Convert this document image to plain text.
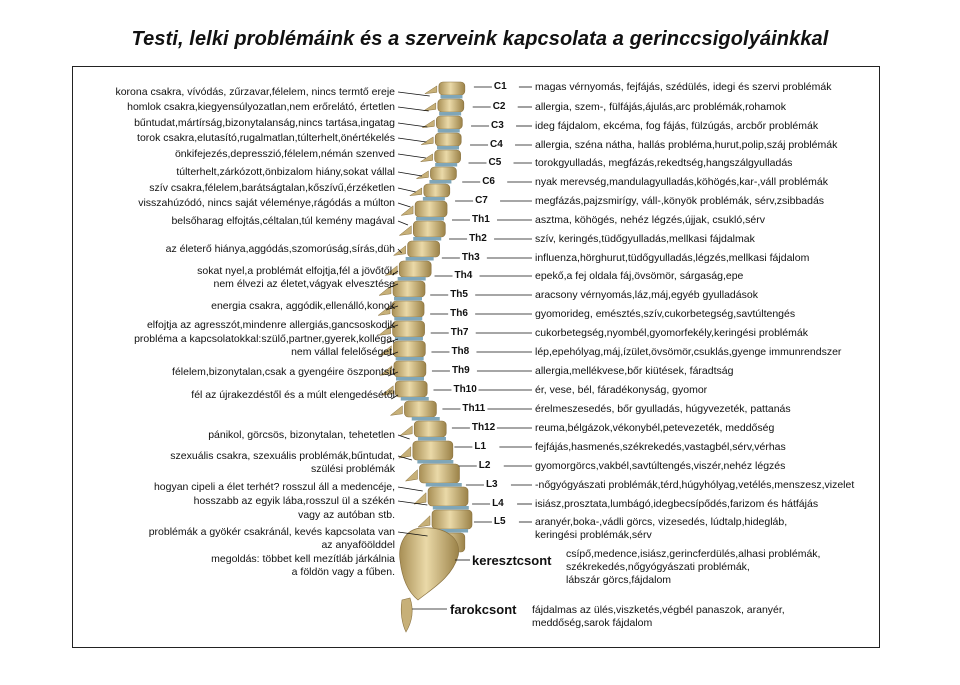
Testi, lelki problémáink és a szerveink kapcsolata a gerinccsigolyáinkkal
korona csakra, vívódás, zűrzavar,félelem, nincs termtő ereje
homlok csakra,kiegyensúlyozatlan,nem erőrelátó, értetlen
bűntudat,mártírság,bizonytalanság,nincs tartása,ingatag
torok csakra,elutasító,rugalmatlan,túlterhelt,önértékelés
önkifejezés,depresszió,félelem,némán szenved
túlterhelt,zárkózott,önbizalom hiány,sokat vállal
szív csakra,félelem,barátságtalan,kőszívű,érzéketlen
visszahúzódó, nincs saját véleménye,rágódás a múlton
belsőharag elfojtás,céltalan,túl kemény magával
az életerő hiánya,aggódás,szomorúság,sírás,düh
sokat nyel,a problémát elfojtja,fél a jövőtől,
nem élvezi az életet,vágyak elvesztése
energia csakra, aggódik,ellenálló,konok
elfojtja az agresszót,mindenre allergiás,gancsoskodik
probléma a kapcsolatokkal:szülő,partner,gyerek,kolléga,
nem vállal felelőséget.
félelem,bizonytalan,csak a gyengéire öszpontsít
fél az újrakezdéstől és a múlt elengedésétől
pánikol, görcsös, bizonytalan, tehetetlen
szexuális csakra, szexuális problémák,bűntudat,
szülési problémák
hogyan cipeli a élet terhét? rosszul áll a medencéje,
hosszabb az egyik lába,rosszul ül a székén
vagy az autóban stb.
problémák a gyökér csakránál, kevés kapcsolata van
az anyaföölddel
megoldás: többet kell mezítláb járkálnia
a földön vagy a fűben.
C1	magas vérnyomás, fejfájás, szédülés, idegi és szervi problémák
C2	allergia, szem-, fülfájás,ájulás,arc problémák,rohamok
C3	ideg fájdalom, ekcéma, fog fájás, fülzúgás, arcbőr problémák
C4	allergia, széna nátha, hallás probléma,hurut,polip,száj problémák
C5	torokgyulladás, megfázás,rekedtség,hangszálgyulladás
C6	nyak merevség,mandulagyulladás,köhögés,kar-,váll problémák
C7	megfázás,pajzsmirígy, váll-,könyök problémák, sérv,zsibbadás
Th1	asztma, köhögés, nehéz légzés,újjak, csukló,sérv
Th2	szív, keringés,tüdőgyulladás,mellkasi fájdalmak
Th3	influenza,hörghurut,tüdőgyulladás,légzés,mellkasi fájdalom
Th4	epekő,a fej oldala fáj,övsömör, sárgaság,epe
Th5	aracsony vérnyomás,láz,máj,egyéb gyulladások
Th6	gyomorideg, emésztés,szív,cukorbetegség,savtúltengés
Th7	cukorbetegség,nyombél,gyomorfekély,keringési problémák
Th8	lép,epehólyag,máj,ízület,övsömör,csuklás,gyenge immunrendszer
Th9	allergia,mellékvese,bőr kiütések, fáradtság
Th10	ér, vese, bél, fáradékonyság, gyomor
Th11	érelmeszesedés, bőr gyulladás, húgyvezeték, pattanás
Th12	reuma,bélgázok,vékonybél,petevezeték, meddőség
L1	fejfájás,hasmenés,székrekedés,vastagbél,sérv,vérhas
L2	gyomorgörcs,vakbél,savtúltengés,viszér,nehéz légzés
L3	-nőgyógyászati problémák,térd,húgyhólyag,vetélés,menszesz,vizelet
L4	isiász,prosztata,lumbágó,idegbecsípődés,farizom és hátfájás
L5	aranyér,boka-,vádli görcs, vizesedés, lúdtalp,hidegláb,
keringési problémák,sérv
keresztcsont csípő,medence,isiász,gerincferdülés,alhasi problémák,
székrekedés,nőgyógyászati problémák,
lábszár görcs,fájdalom
farokcsont fájdalmas az ülés,viszketés,végbél panaszok, aranyér,
meddőség,sarok fájdalom
